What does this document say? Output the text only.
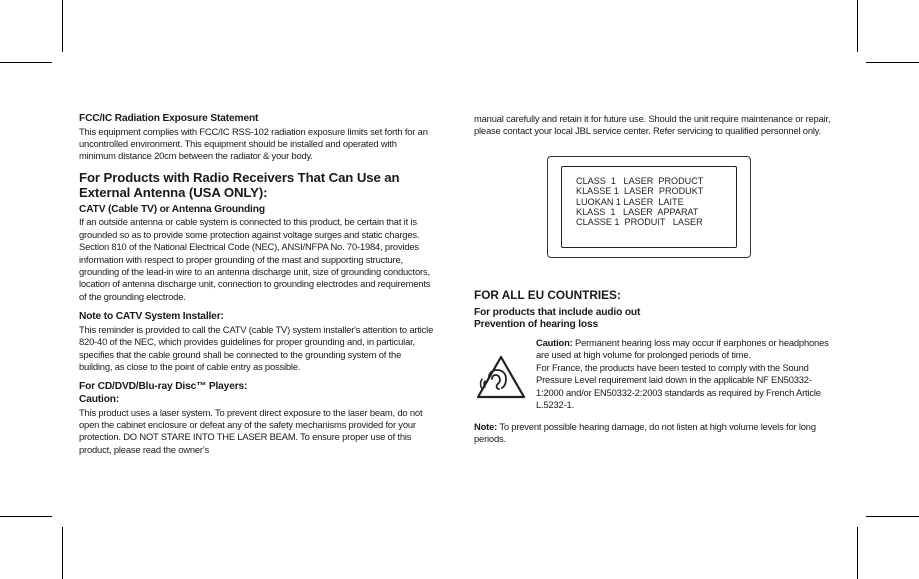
FCC/IC Radiation Exposure Statement

This equipment complies with FCC/IC RSS-102 radiation exposure limits set forth for an uncontrolled environment. This equipment should be installed and operated with minimum distance 20cm between the radiator & your body.

For Products with Radio Receivers That Can Use an External Antenna (USA ONLY):
CATV (Cable TV) or Antenna Grounding

If an outside antenna or cable system is connected to this product, be certain that it is grounded so as to provide some protection against voltage surges and static charges. Section 810 of the National Electrical Code (NEC), ANSI/NFPA No. 70-1984, provides information with respect to proper grounding of the mast and supporting structure, grounding of the lead-in wire to an antenna discharge unit, size of grounding conductors, location of antenna discharge unit, connection to grounding electrodes and requirements of the grounding electrode.

Note to CATV System Installer:

This reminder is provided to call the CATV (cable TV) system installer's attention to article 820-40 of the NEC, which provides guidelines for proper grounding and, in particular, specifies that the cable ground shall be connected to the grounding system of the building, as close to the point of cable entry as possible.

For CD/DVD/Blu-ray Disc™ Players:
Caution:

This product uses a laser system. To prevent direct exposure to the laser beam, do not open the cabinet enclosure or defeat any of the safety mechanisms provided for your protection. DO NOT STARE INTO THE LASER BEAM. To ensure proper use of this product, please read the owner's

manual carefully and retain it for future use. Should the unit require maintenance or repair, please contact your local JBL service center. Refer servicing to qualified personnel only.

CLASS  1   LASER  PRODUCT
KLASSE 1  LASER  PRODUKT
LUOKAN 1 LASER  LAITE
KLASS  1   LASER  APPARAT
CLASSE 1  PRODUIT   LASER
FOR ALL EU COUNTRIES:
For products that include audio out
Prevention of hearing loss

Caution: Permanent hearing loss may occur if earphones or headphones are used at high volume for prolonged periods of time.

For France, the products have been tested to comply with the Sound Pressure Level requirement laid down in the applicable NF EN50332-1:2000 and/or EN50332-2:2003 standards as required by French Article L.5232-1.

Note: To prevent possible hearing damage, do not listen at high volume levels for long periods.
